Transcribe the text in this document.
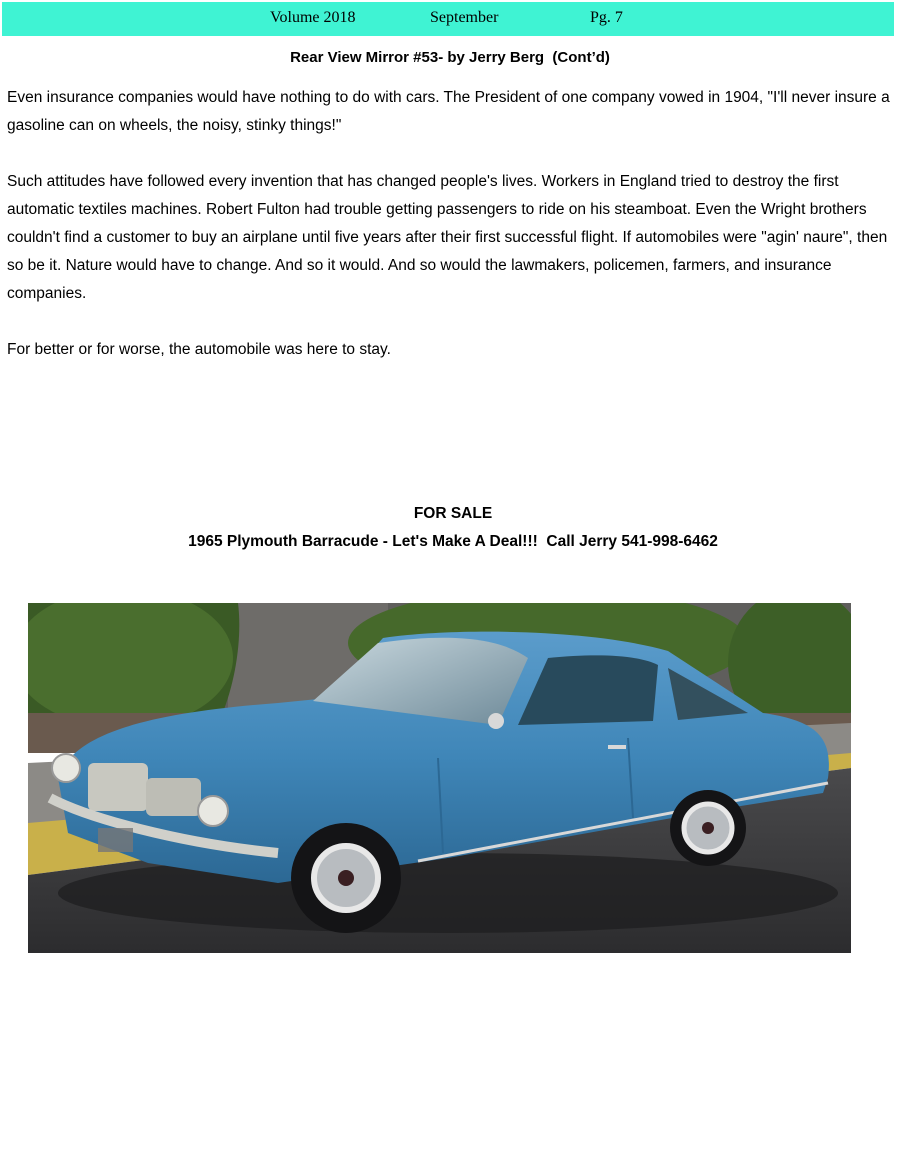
Volume 2018	September	Pg. 7
Rear View Mirror #53- by Jerry Berg  (Cont’d)

Even insurance companies would have nothing to do with cars. The President of one company vowed in 1904, "I'll never insure a gasoline can on wheels, the noisy, stinky things!"

Such attitudes have followed every invention that has changed people's lives. Workers in England tried to destroy the first automatic textiles machines. Robert Fulton had trouble getting passengers to ride on his steamboat. Even the Wright brothers couldn't find a customer to buy an airplane until five years after their first successful flight. If automobiles were "agin' naure", then so be it. Nature would have to change. And so it would. And so would the lawmakers, policemen, farmers, and insurance companies.

For better or for worse, the automobile was here to stay.

FOR SALE
1965 Plymouth Barracude - Let's Make A Deal!!!  Call Jerry 541-998-6462
